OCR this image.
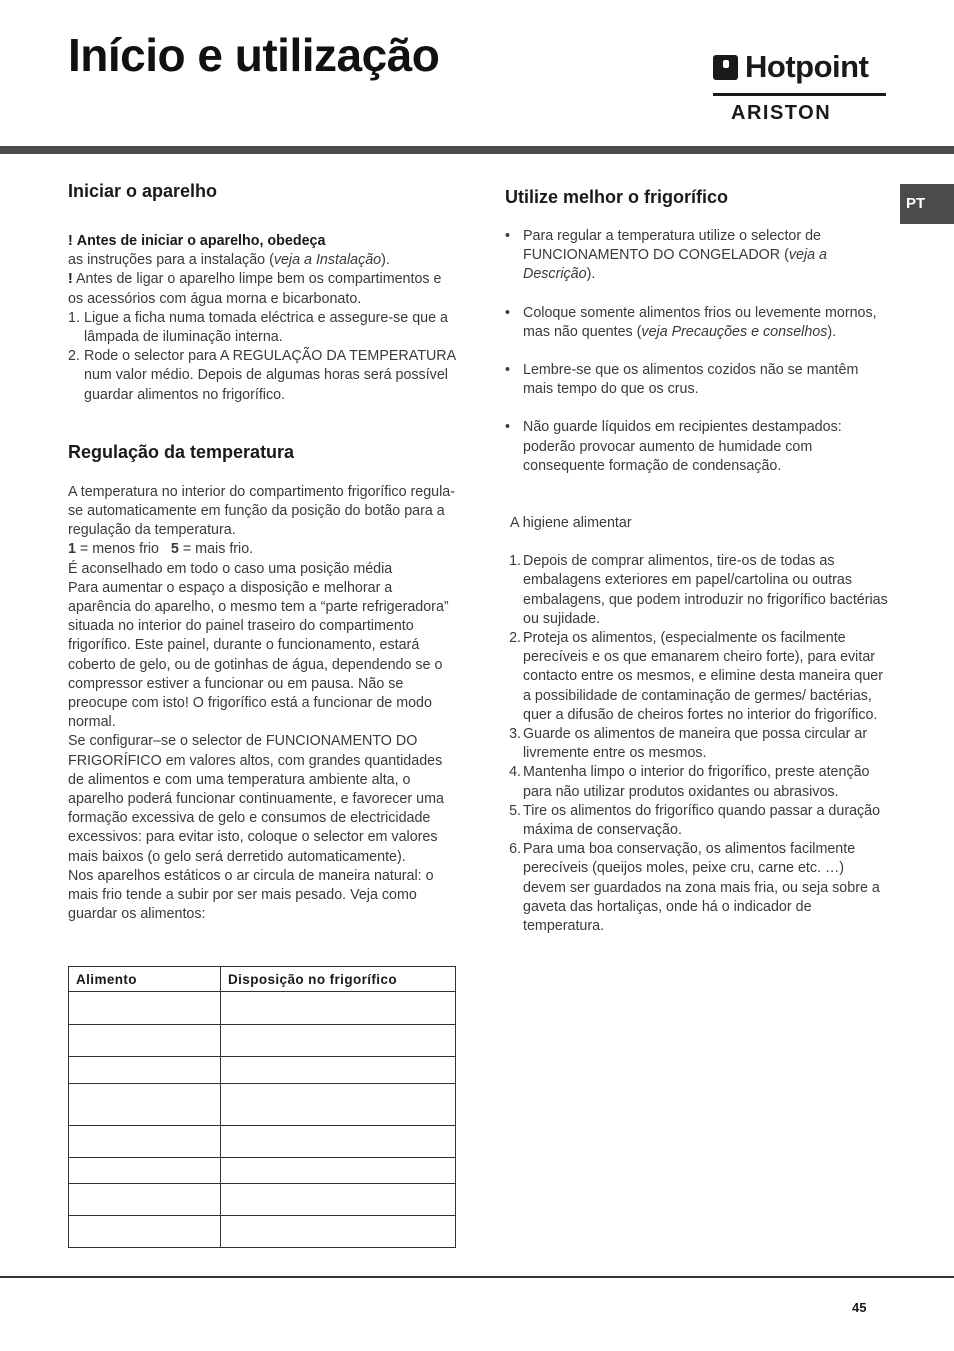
Início e utilização	Hotpoint
ARISTON
PT
Iniciar o aparelho

! Antes de iniciar o aparelho, obedeça
as instruções para a instalação (veja a Instalação).

! Antes de ligar o aparelho limpe bem os compartimentos e os acessórios com água morna e bicarbonato.

1. Ligue a ficha numa tomada eléctrica e assegure-se que a lâmpada de iluminação interna.
2. Rode o selector para A REGULAÇÃO DA TEMPERATURA num valor médio. Depois de algumas horas será possível guardar alimentos no frigorífico.
Regulação da temperatura

A temperatura no interior do compartimento frigorífico regula-se automaticamente em função da posição do botão para a regulação da temperatura.

1 = menos frio 5 = mais frio.

É aconselhado em todo o caso uma posição média

Para aumentar o espaço a disposição e melhorar a aparência do aparelho, o mesmo tem a “parte refrigeradora” situada no interior do painel traseiro do compartimento frigorífico. Este painel, durante o funcionamento, estará coberto de gelo, ou de gotinhas de água, dependendo se o compressor estiver a funcionar ou em pausa. Não se preocupe com isto! O frigorífico está a funcionar de modo normal.

Se configurar–se o selector de FUNCIONAMENTO DO FRIGORÍFICO em valores altos, com grandes quantidades de alimentos e com uma temperatura ambiente alta, o aparelho poderá funcionar continuamente, e favorecer uma formação excessiva de gelo e consumos de electricidade excessivos: para evitar isto, coloque o selector em valores mais baixos (o gelo será derretido automaticamente).

Nos aparelhos estáticos o ar circula de maneira natural: o mais frio tende a subir por ser mais pesado. Veja como guardar os alimentos:

Alimento	Disposição no frigorífico

Utilize melhor o frigorífico
• Para regular a temperatura utilize o selector de FUNCIONAMENTO DO CONGELADOR (veja a Descrição).
• Coloque somente alimentos frios ou levemente mornos, mas não quentes (veja Precauções e conselhos).
• Lembre-se que os alimentos cozidos não se mantêm mais tempo do que os crus.
• Não guarde líquidos em recipientes destampados: poderão provocar aumento de humidade com consequente formação de condensação.

A higiene alimentar

1. Depois de comprar alimentos, tire-os de todas as embalagens exteriores em papel/cartolina ou outras embalagens, que podem introduzir no frigorífico bactérias ou sujidade.
2. Proteja os alimentos, (especialmente os facilmente perecíveis e os que emanarem cheiro forte), para evitar contacto entre os mesmos, e elimine desta maneira quer a possibilidade de contaminação de germes/ bactérias, quer a difusão de cheiros fortes no interior do frigorífico.
3. Guarde os alimentos de maneira que possa circular ar livremente entre os mesmos.
4. Mantenha limpo o interior do frigorífico, preste atenção para não utilizar produtos oxidantes ou abrasivos.
5. Tire os alimentos do frigorífico quando passar a duração máxima de conservação.
6. Para uma boa conservação, os alimentos facilmente perecíveis (queijos moles, peixe cru, carne etc. …) devem ser guardados na zona mais fria, ou seja sobre a gaveta das hortaliças, onde há o indicador de temperatura.
45
